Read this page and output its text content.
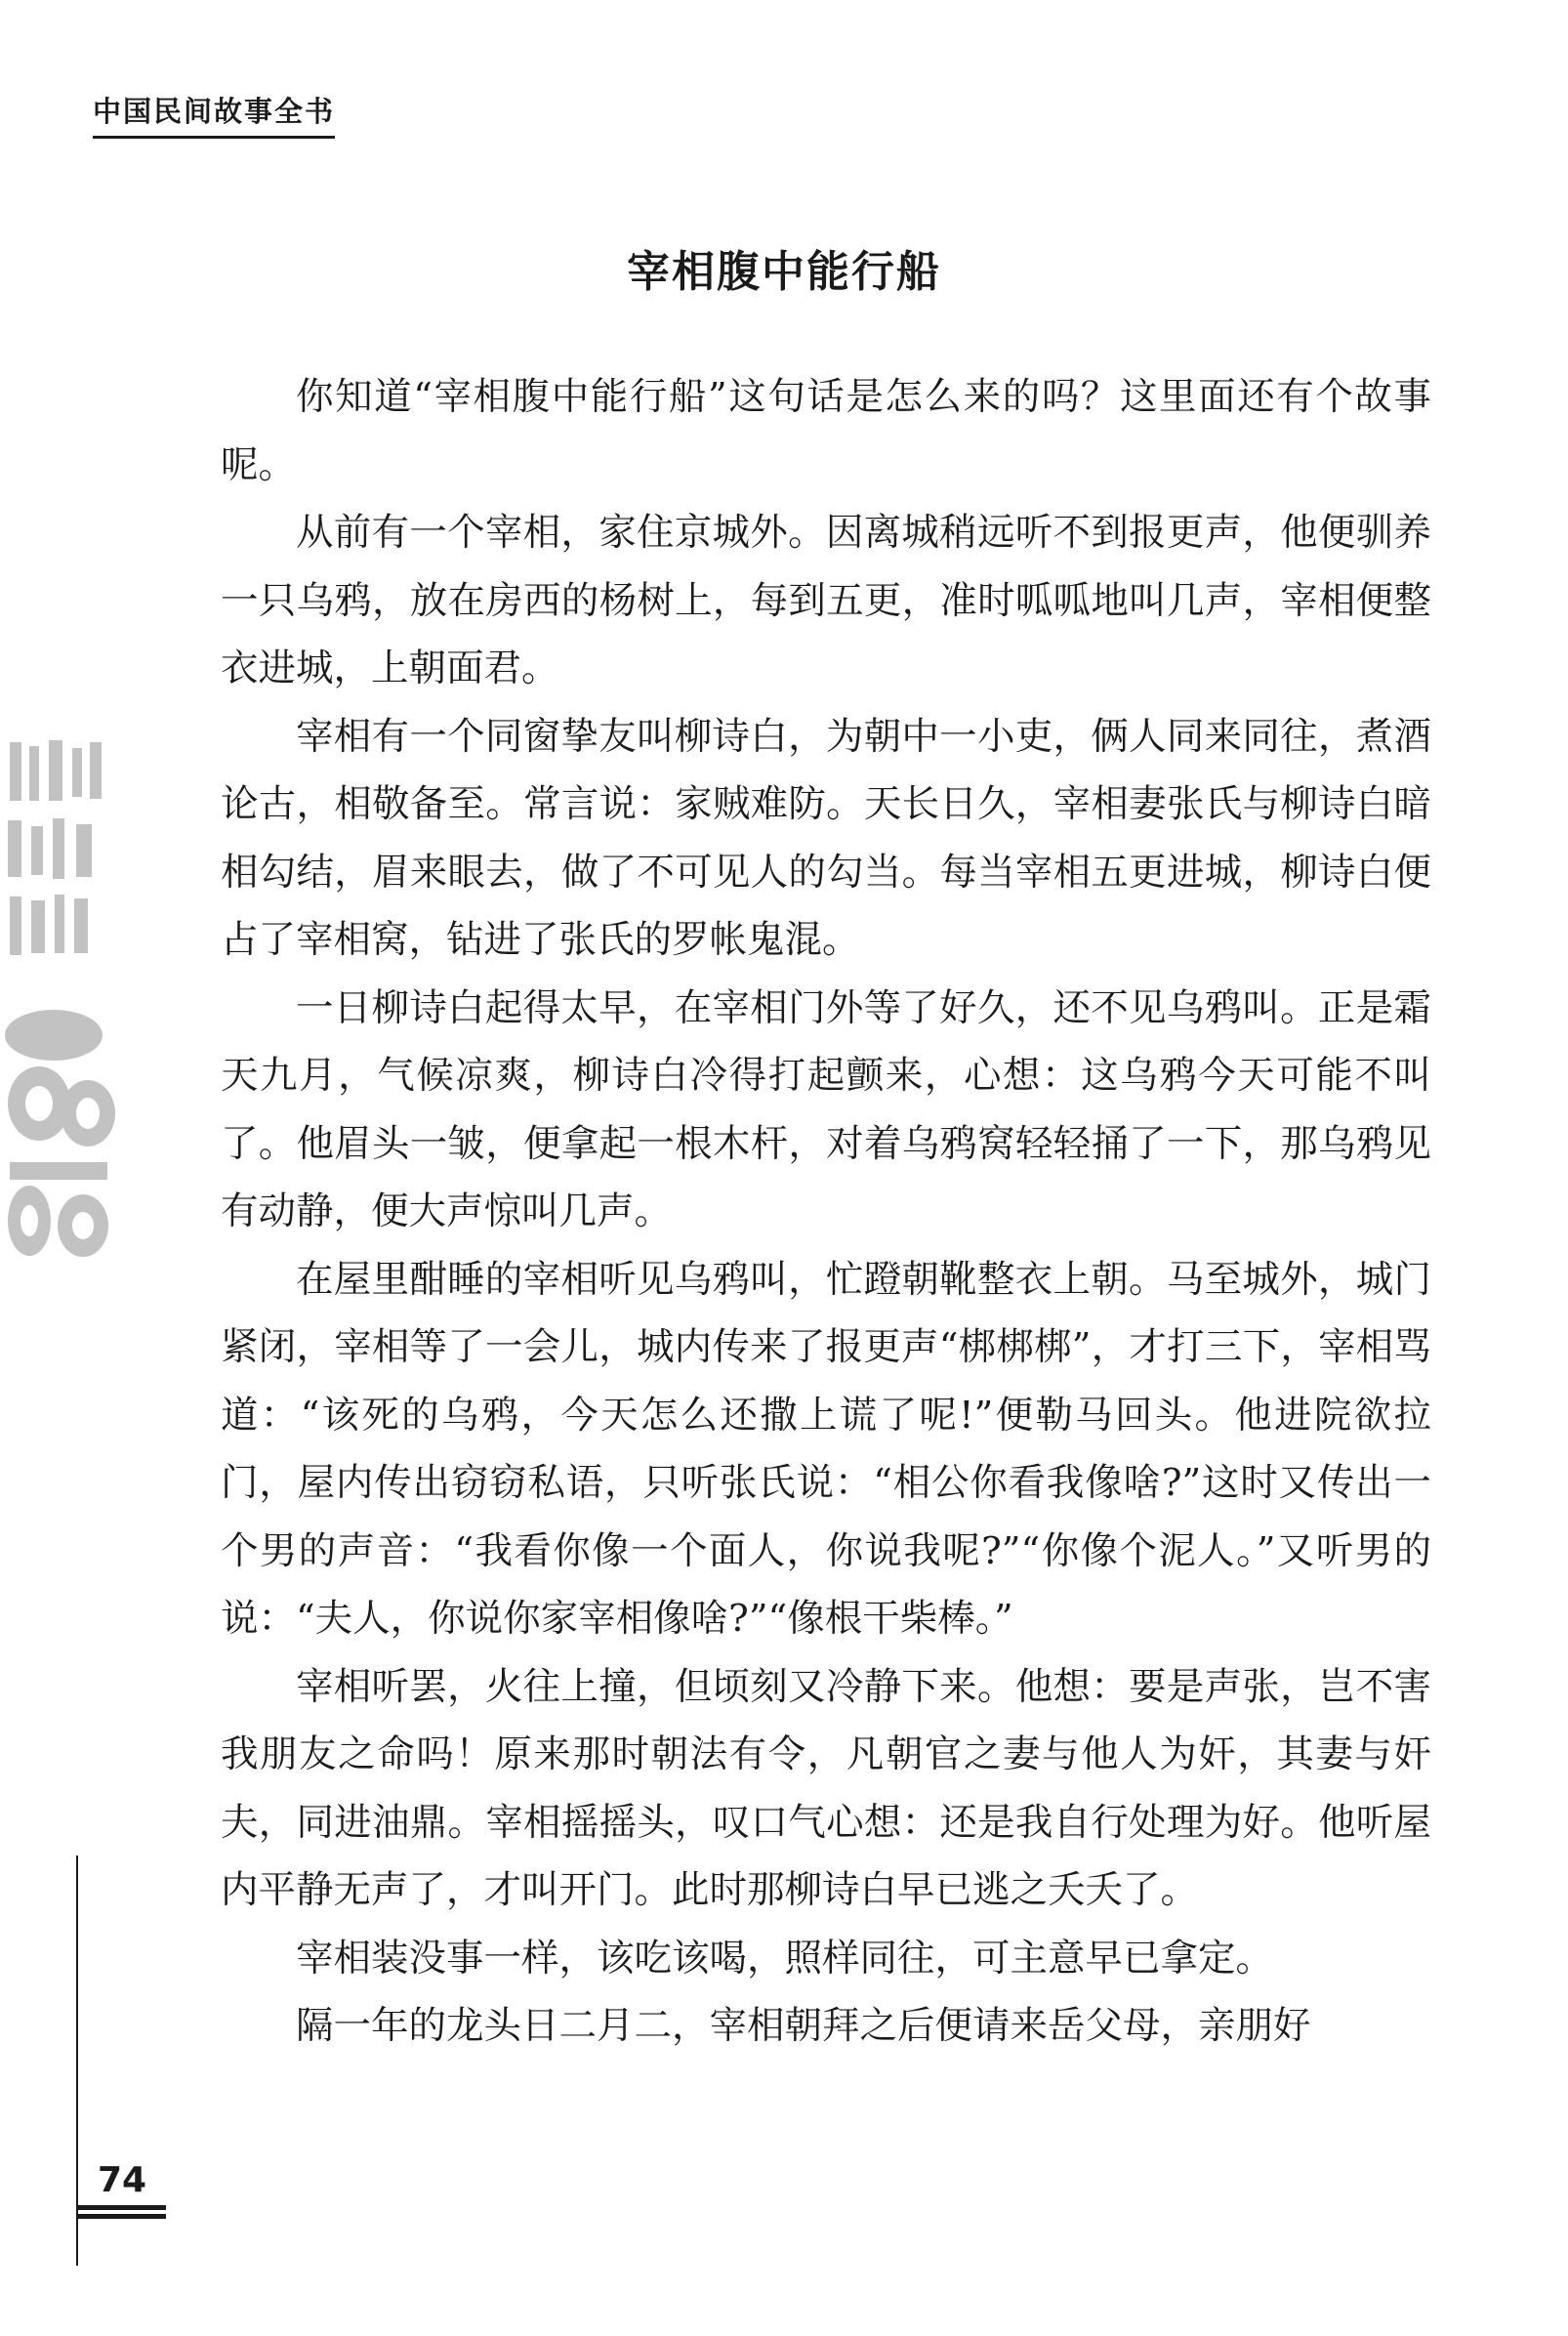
中国民间故事全书
宰相腹中能行船

你知道“宰相腹中能行船”这句话是怎么来的吗？这里面还有个故事呢。

从前有一个宰相，家住京城外。因离城稍远听不到报更声，他便驯养一只乌鸦，放在房西的杨树上，每到五更，准时呱呱地叫几声，宰相便整衣进城，上朝面君。

宰相有一个同窗挚友叫柳诗白，为朝中一小吏，俩人同来同往，煮酒论古，相敬备至。常言说：家贼难防。天长日久，宰相妻张氏与柳诗白暗相勾结，眉来眼去，做了不可见人的勾当。每当宰相五更进城，柳诗白便占了宰相窝，钻进了张氏的罗帐鬼混。

一日柳诗白起得太早，在宰相门外等了好久，还不见乌鸦叫。正是霜天九月，气候凉爽，柳诗白冷得打起颤来，心想：这乌鸦今天可能不叫了。他眉头一皱，便拿起一根木杆，对着乌鸦窝轻轻捅了一下，那乌鸦见有动静，便大声惊叫几声。

在屋里酣睡的宰相听见乌鸦叫，忙蹬朝靴整衣上朝。马至城外，城门紧闭，宰相等了一会儿，城内传来了报更声“梆梆梆”，才打三下，宰相骂道：“该死的乌鸦，今天怎么还撒上谎了呢!”便勒马回头。他进院欲拉门，屋内传出窃窃私语，只听张氏说：“相公你看我像啥?”这时又传出一个男的声音：“我看你像一个面人，你说我呢?”“你像个泥人。”又听男的说：“夫人，你说你家宰相像啥?”“像根干柴棒。”

宰相听罢，火往上撞，但顷刻又冷静下来。他想：要是声张，岂不害我朋友之命吗！原来那时朝法有令，凡朝官之妻与他人为奸，其妻与奸夫，同进油鼎。宰相摇摇头，叹口气心想：还是我自行处理为好。他听屋内平静无声了，才叫开门。此时那柳诗白早已逃之夭夭了。

宰相装没事一样，该吃该喝，照样同往，可主意早已拿定。

隔一年的龙头日二月二，宰相朝拜之后便请来岳父母，亲朋好

74
